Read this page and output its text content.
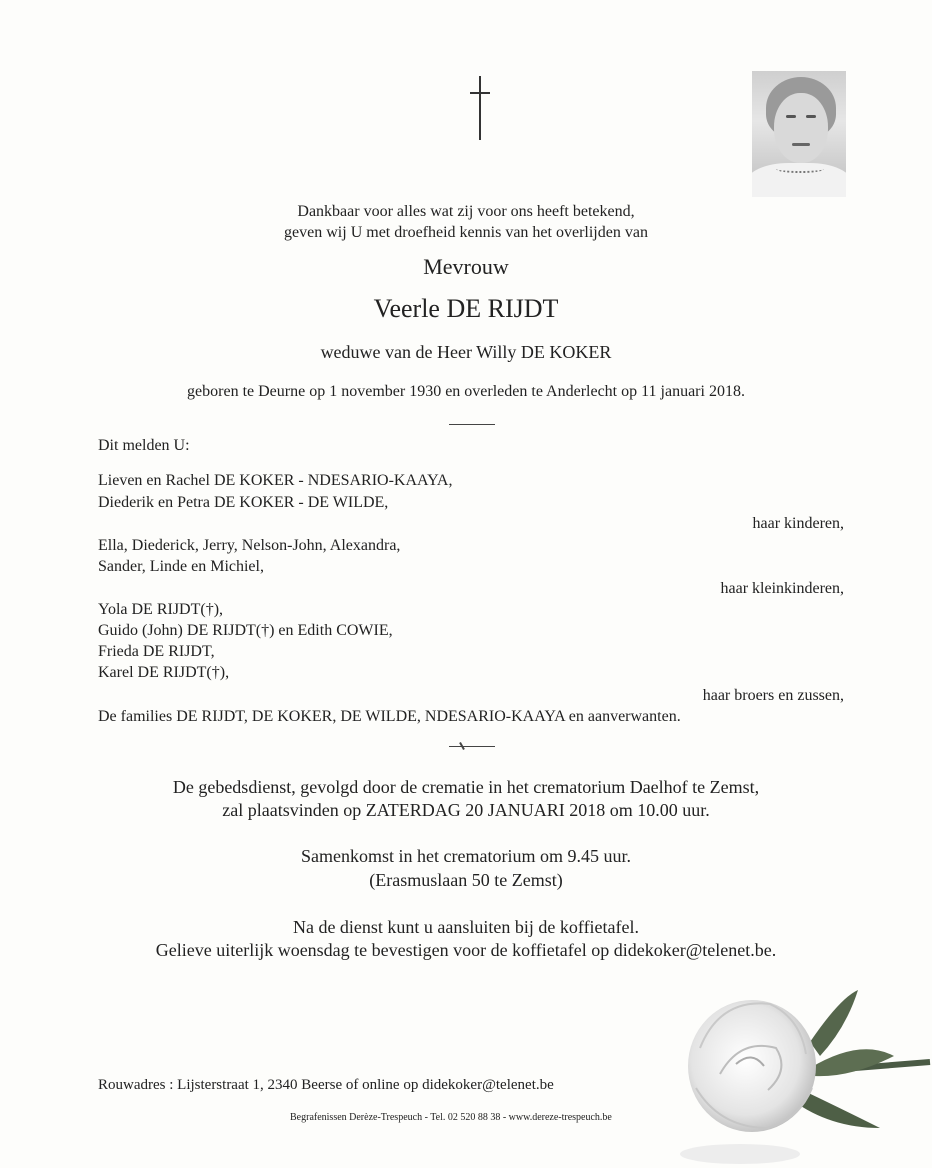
Dankbaar voor alles wat zij voor ons heeft betekend,
geven wij U met droefheid kennis van het overlijden van
Mevrouw
Veerle DE RIJDT
weduwe van de Heer Willy DE KOKER
geboren te Deurne op 1 november 1930 en overleden te Anderlecht op 11 januari 2018.
Dit melden U:
Lieven en Rachel DE KOKER - NDESARIO-KAAYA,
Diederik en Petra DE KOKER - DE WILDE,
haar kinderen,
Ella, Diederick, Jerry, Nelson-John, Alexandra,
Sander, Linde en Michiel,
haar kleinkinderen,
Yola DE RIJDT(†),
Guido (John) DE RIJDT(†) en Edith COWIE,
Frieda DE RIJDT,
Karel DE RIJDT(†),
haar broers en zussen,
De families DE RIJDT, DE KOKER, DE WILDE, NDESARIO-KAAYA en aanverwanten.
De gebedsdienst, gevolgd door de crematie in het crematorium Daelhof te Zemst,
zal plaatsvinden op ZATERDAG 20 JANUARI 2018 om 10.00 uur.
Samenkomst in het crematorium om 9.45 uur.
(Erasmuslaan 50 te Zemst)
Na de dienst kunt u aansluiten bij de koffietafel.
Gelieve uiterlijk woensdag te bevestigen voor de koffietafel op didekoker@telenet.be.
Rouwadres : Lijsterstraat 1, 2340 Beerse of online op didekoker@telenet.be
Begrafenissen Derèze-Trespeuch - Tel. 02 520 88 38 - www.dereze-trespeuch.be
